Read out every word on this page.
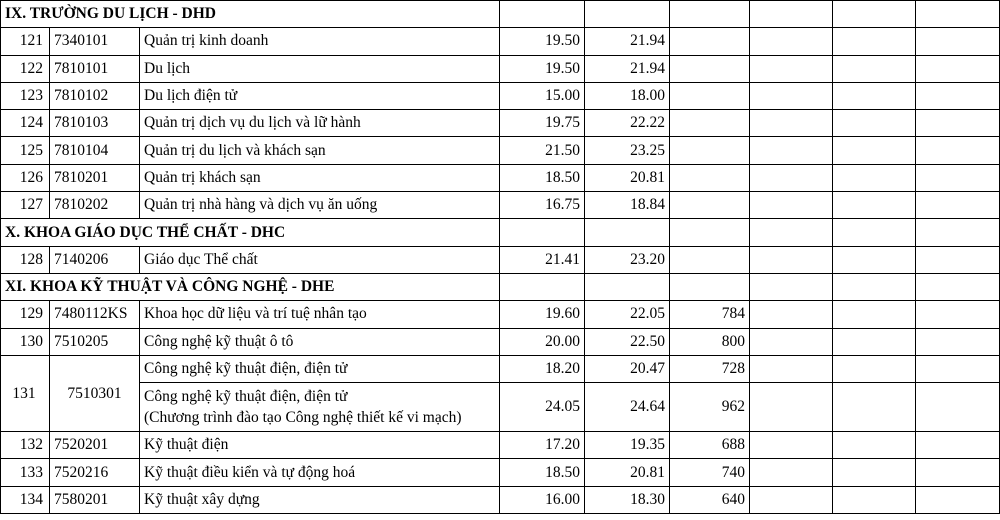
IX. TRƯỜNG DU LỊCH - DHD								
121	7340101	Quản trị kinh doanh	19.50	21.94				
122	7810101	Du lịch	19.50	21.94				
123	7810102	Du lịch điện tử	15.00	18.00				
124	7810103	Quản trị dịch vụ du lịch và lữ hành	19.75	22.22				
125	7810104	Quản trị du lịch và khách sạn	21.50	23.25				
126	7810201	Quản trị khách sạn	18.50	20.81				
127	7810202	Quản trị nhà hàng và dịch vụ ăn uống	16.75	18.84				
X. KHOA GIÁO DỤC THỂ CHẤT - DHC								
128	7140206	Giáo dục Thể chất	21.41	23.20				
XI. KHOA KỸ THUẬT VÀ CÔNG NGHỆ - DHE								
129	7480112KS	Khoa học dữ liệu và trí tuệ nhân tạo	19.60	22.05	784			
130	7510205	Công nghệ kỹ thuật ô tô	20.00	22.50	800			
131	7510301	Công nghệ kỹ thuật điện, điện tử	18.20	20.47	728			

		Công nghệ kỹ thuật điện, điện tử
(Chương trình đào tạo Công nghệ thiết kế vi mạch)	24.05	24.64	962			
132	7520201	Kỹ thuật điện	17.20	19.35	688			
133	7520216	Kỹ thuật điều kiển và tự động hoá	18.50	20.81	740			
134	7580201	Kỹ thuật xây dựng	16.00	18.30	640			
